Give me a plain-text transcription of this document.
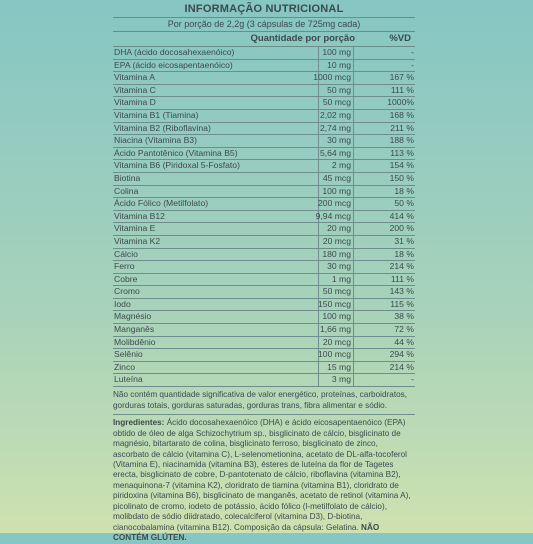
INFORMAÇÃO NUTRICIONAL
Por porção de 2,2g (3 cápsulas de 725mg cada)
Quantidade por porção	%VD
DHA (ácido docosahexaenóico)	100 mg	-
EPA (ácido eicosapentaenóico)	10 mg	-
Vitamina A	1000 mcg	167 %
Vitamina C	50 mg	111 %
Vitamina D	50 mcg	1000%
Vitamina B1 (Tiamina)	2,02 mg	168 %
Vitamina B2 (Riboflavina)	2,74 mg	211 %
Niacina (Vitamina B3)	30 mg	188 %
Ácido Pantotênico (Vitamina B5)	5,64 mg	113 %
Vitamina B6 (Piridoxal 5-Fosfato)	2 mg	154 %
Biotina	45 mcg	150 %
Colina	100 mg	18 %
Ácido Fólico (Metilfolato)	200 mcg	50 %
Vitamina B12	9,94 mcg	414 %
Vitamina E	20 mg	200 %
Vitamina K2	20 mcg	31 %
Cálcio	180 mg	18 %
Ferro	30 mg	214 %
Cobre	1 mg	111 %
Cromo	50 mcg	143 %
Iodo	150 mcg	115 %
Magnésio	100 mg	38 %
Manganês	1,66 mg	72 %
Molibdênio	20 mcg	44 %
Selênio	100 mcg	294 %
Zinco	15 mg	214 %
Luteína	3 mg	-
Não contém quantidade significativa de valor energético, proteínas, carboidratos, gorduras totais, gorduras saturadas, gorduras trans, fibra alimentar e sódio.
Ingredientes: Ácido docosahexaenóico (DHA) e ácido eicosapentaenóico (EPA) obtido de óleo de alga Schizochytrium sp., bisglicinato de cálcio, bisglicinato de magnésio, bitartarato de colina, bisglicinato ferroso, bisglicinato de zinco, ascorbato de cálcio (vitamina C), L-selenometionina, acetato de DL-alfa-tocoferol (Vitamina E), niacinamida (vitamina B3), ésteres de luteína da flor de Tagetes erecta, bisglicinato de cobre, D-pantotenato de cálcio, riboflavina (vitamina B2), menaquinona-7 (vitamina K2), cloridrato de tiamina (vitamina B1), cloridrato de piridoxina (vitamina B6), bisglicinato de manganês, acetato de retinol (vitamina A), picolinato de cromo, iodeto de potássio, ácido fólico (l-metilfolato de cálcio), molibdato de sódio diidratado, colecalciferol (vitamina D3), D-biotina, cianocobalamina (vitamina B12). Composição da cápsula: Gelatina. NÃO CONTÉM GLÚTEN.
